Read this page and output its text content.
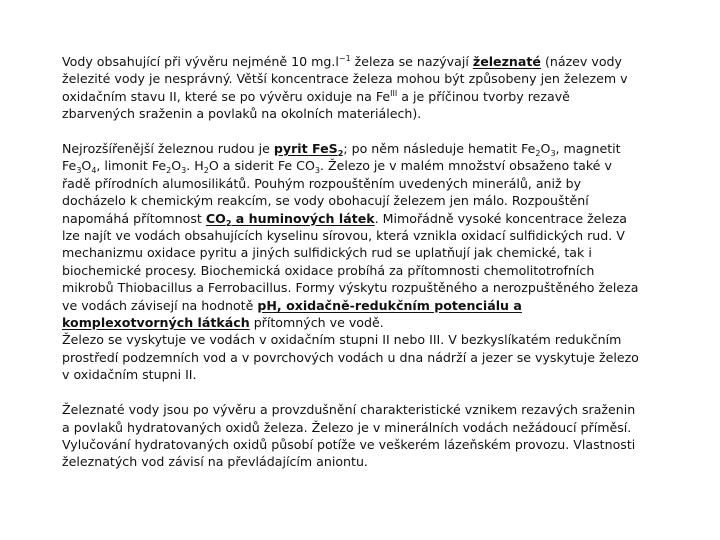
Vody obsahující při vývěru nejméně 10 $mg.l^{-1}$ železa se nazývají železnaté (název vody železité vody je nesprávný. Větší koncentrace železa mohou být způsobeny jen železem v oxidačním stavu II, které se po vývěru oxiduje na $Fe^{III}$ a je příčinou tvorby rezavě zbarvených sraženin a povlaků na okolních materiálech).

Nejrozšířenější železnou rudou je pyrit FeS$_2$; po něm následuje hematit $Fe_2O_3$, magnetit $Fe_3O_4$, limonit $Fe_2O_3$. $H_2O$ a siderit Fe $CO_3$. Železo je v malém množství obsaženo také v řadě přírodních alumosilikátů. Pouhým rozpouštěním uvedených minerálů, aniž by docházelo k chemickým reakcím, se vody obohacují železem jen málo. Rozpouštění napomáhá přítomnost $CO_2$ a huminových látek. Mimořádně vysoké koncentrace železa lze najít ve vodách obsahujících kyselinu sírovou, která vznikla oxidací sulfidických rud. V mechanizmu oxidace pyritu a jiných sulfidických rud se uplatňují jak chemické, tak i biochemické procesy. Biochemická oxidace probíhá za přítomnosti chemolitotrofních mikrobů Thiobacillus a Ferrobacillus. Formy výskytu rozpuštěného a nerozpuštěného železa ve vodách závisejí na hodnotě pH, oxidačně-redukčním potenciálu a komplexotvorných látkách přítomných ve vodě.

Železo se vyskytuje ve vodách v oxidačním stupni II nebo III. V bezkyslíkatém redukčním prostředí podzemních vod a v povrchových vodách u dna nádrží a jezer se vyskytuje železo v oxidačním stupni II.

Železnaté vody jsou po vývěru a provzdušnění charakteristické vznikem rezavých sraženin a povlaků hydratovaných oxidů železa. Železo je v minerálních vodách nežádoucí příměsí. Vylučování hydratovaných oxidů působí potíže ve veškerém lázeňském provozu. Vlastnosti železnatých vod závisí na převládajícím aniontu.
